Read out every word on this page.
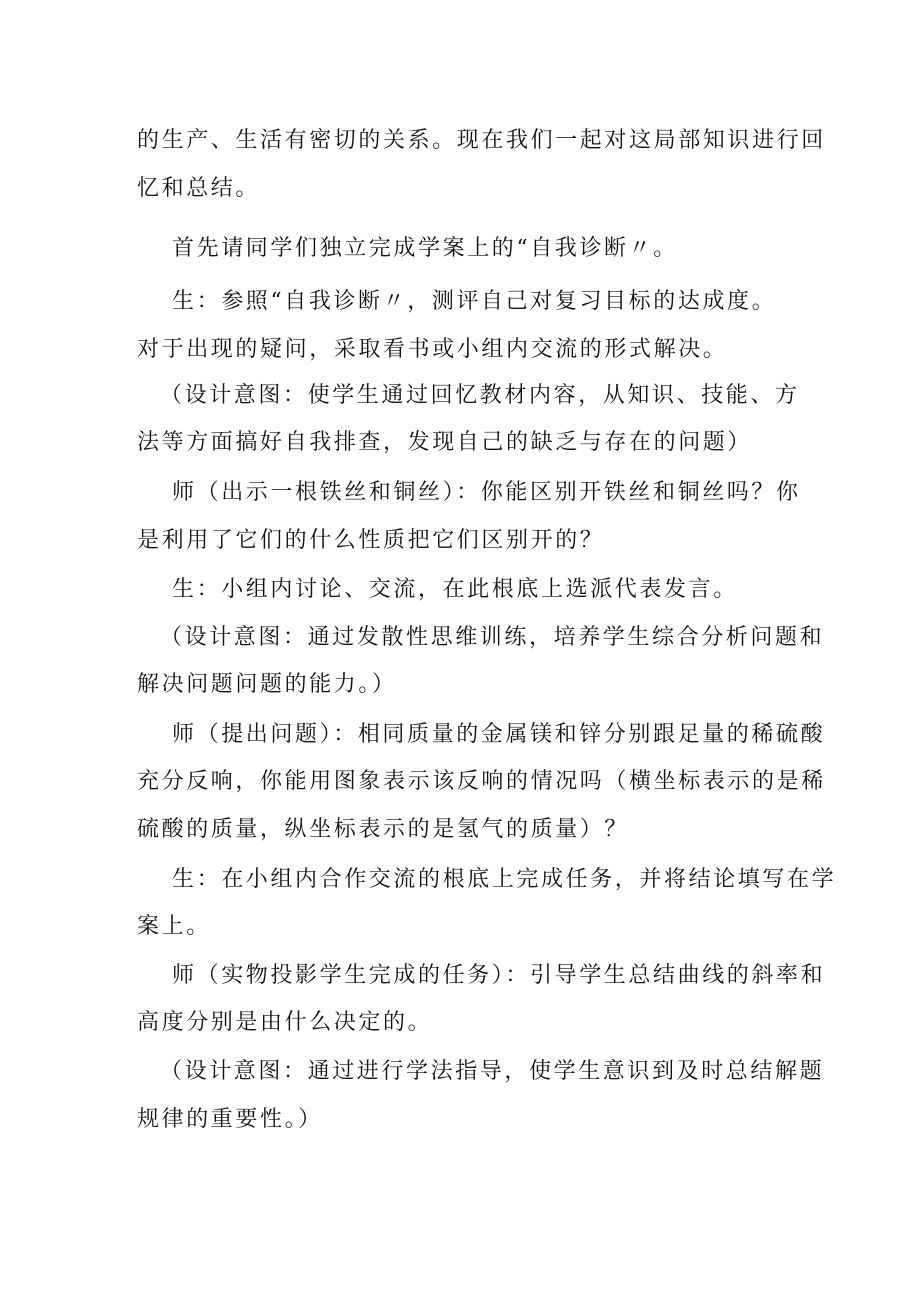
的生产、生活有密切的关系。现在我们一起对这局部知识进行回
忆和总结。
首先请同学们独立完成学案上的“自我诊断〃。
生：参照“自我诊断〃，测评自己对复习目标的达成度。
对于出现的疑问，采取看书或小组内交流的形式解决。
（设计意图：使学生通过回忆教材内容，从知识、技能、方
法等方面搞好自我排查，发现自己的缺乏与存在的问题）
师（出示一根铁丝和铜丝）：你能区别开铁丝和铜丝吗？你
是利用了它们的什么性质把它们区别开的？
生：小组内讨论、交流，在此根底上选派代表发言。
（设计意图：通过发散性思维训练，培养学生综合分析问题和
解决问题问题的能力。）
师（提出问题）：相同质量的金属镁和锌分别跟足量的稀硫酸
充分反响，你能用图象表示该反响的情况吗（横坐标表示的是稀
硫酸的质量，纵坐标表示的是氢气的质量）？
生：在小组内合作交流的根底上完成任务，并将结论填写在学
案上。
师（实物投影学生完成的任务）：引导学生总结曲线的斜率和
高度分别是由什么决定的。
（设计意图：通过进行学法指导，使学生意识到及时总结解题
规律的重要性。）
